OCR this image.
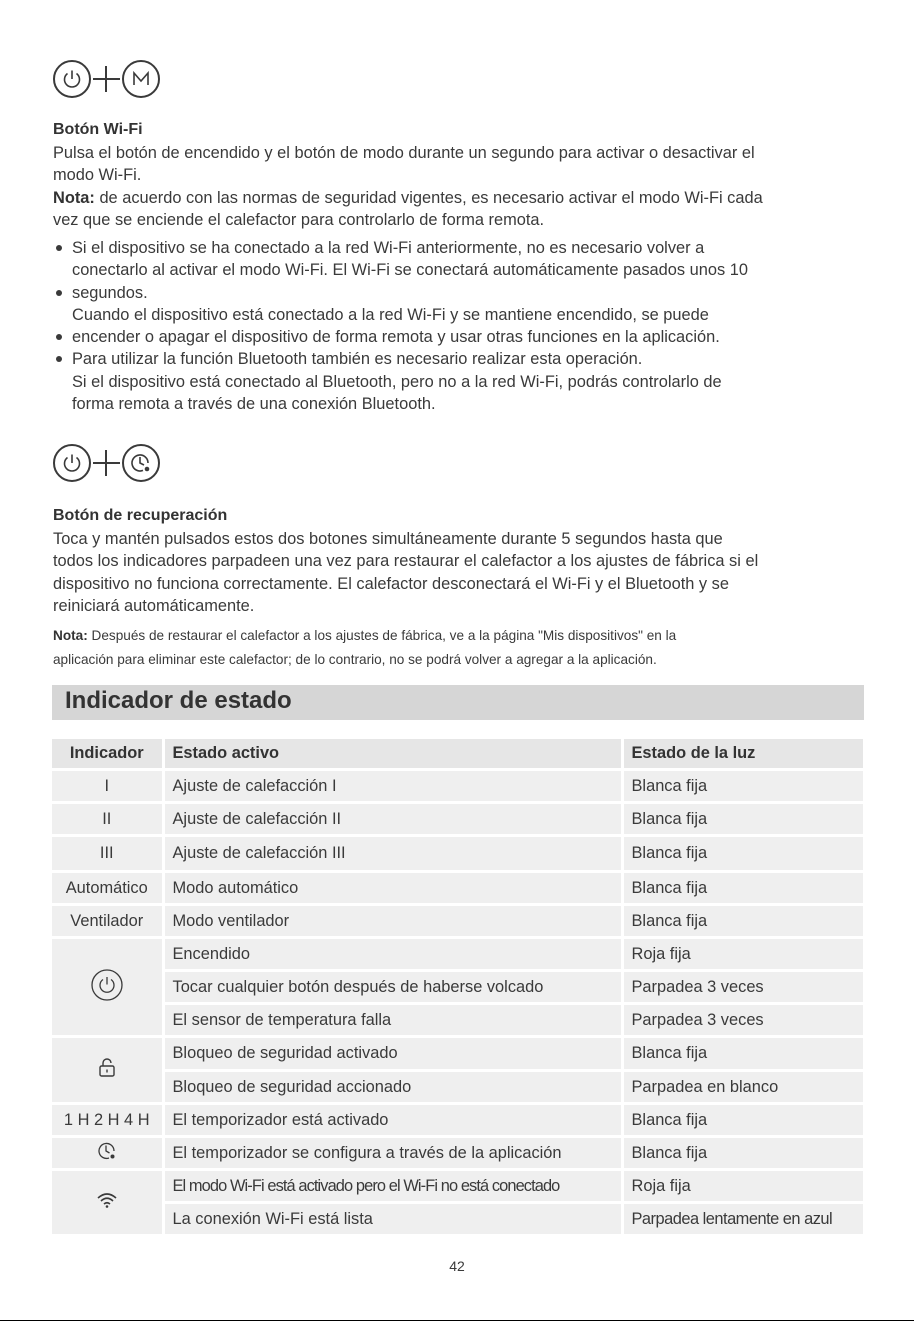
Botón Wi-Fi
Pulsa el botón de encendido y el botón de modo durante un segundo para activar o desactivar el
modo Wi-Fi.
Nota: de acuerdo con las normas de seguridad vigentes, es necesario activar el modo Wi-Fi cada
vez que se enciende el calefactor para controlarlo de forma remota.
Si el dispositivo se ha conectado a la red Wi-Fi anteriormente, no es necesario volver a
conectarlo al activar el modo Wi-Fi. El Wi-Fi se conectará automáticamente pasados unos 10
segundos.
Cuando el dispositivo está conectado a la red Wi-Fi y se mantiene encendido, se puede
encender o apagar el dispositivo de forma remota y usar otras funciones en la aplicación.
Para utilizar la función Bluetooth también es necesario realizar esta operación.
Si el dispositivo está conectado al Bluetooth, pero no a la red Wi-Fi, podrás controlarlo de
forma remota a través de una conexión Bluetooth.
Botón de recuperación
Toca y mantén pulsados estos dos botones simultáneamente durante 5 segundos hasta que
todos los indicadores parpadeen una vez para restaurar el calefactor a los ajustes de fábrica si el
dispositivo no funciona correctamente. El calefactor desconectará el Wi-Fi y el Bluetooth y se
reiniciará automáticamente.
Nota: Después de restaurar el calefactor a los ajustes de fábrica, ve a la página "Mis dispositivos" en la
aplicación para eliminar este calefactor; de lo contrario, no se podrá volver a agregar a la aplicación.
Indicador de estado
Indicador	Estado activo	Estado de la luz
I	Ajuste de calefacción I	Blanca fija
II	Ajuste de calefacción II	Blanca fija
III	Ajuste de calefacción III	Blanca fija
Automático	Modo automático	Blanca fija
Ventilador	Modo ventilador	Blanca fija
	Encendido	Roja fija
	Tocar cualquier botón después de haberse volcado	Parpadea 3 veces
	El sensor de temperatura falla	Parpadea 3 veces
	Bloqueo de seguridad activado	Blanca fija
	Bloqueo de seguridad accionado	Parpadea en blanco
1 H 2 H 4 H	El temporizador está activado	Blanca fija
	El temporizador se configura a través de la aplicación	Blanca fija
	El modo Wi-Fi está activado pero el Wi-Fi no está conectado	Roja fija
	La conexión Wi-Fi está lista	Parpadea lentamente en azul
42
